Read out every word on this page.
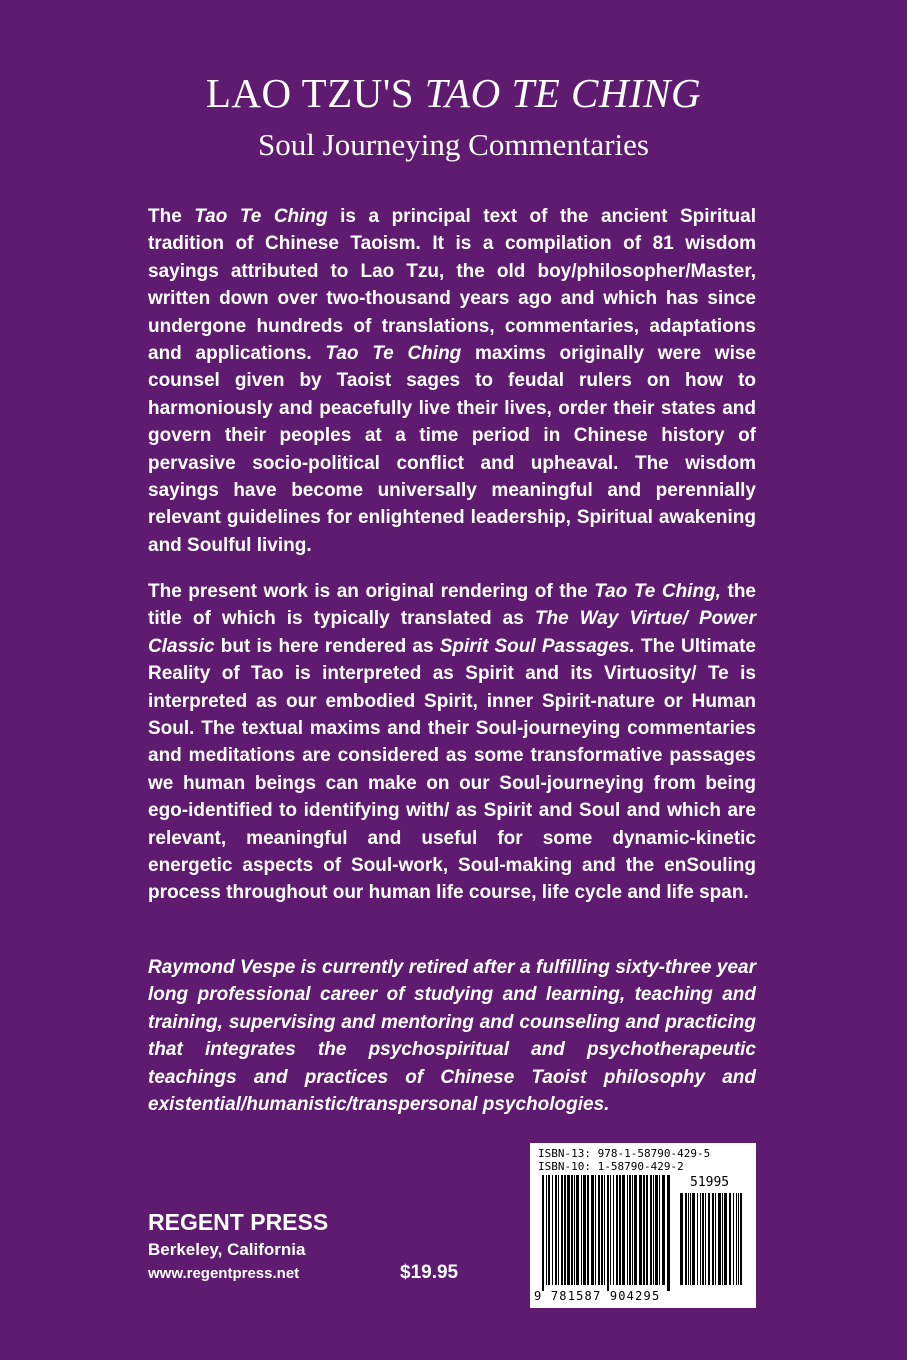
LAO TZU'S TAO TE CHING
Soul Journeying Commentaries

The Tao Te Ching is a principal text of the ancient Spiritual tradition of Chinese Taoism. It is a compilation of 81 wisdom sayings attributed to Lao Tzu, the old boy/philosopher/Master, written down over two-thousand years ago and which has since undergone hundreds of translations, commentaries, adaptations and applications. Tao Te Ching maxims originally were wise counsel given by Taoist sages to feudal rulers on how to harmoniously and peacefully live their lives, order their states and govern their peoples at a time period in Chinese history of pervasive socio-political conflict and upheaval. The wisdom sayings have become universally meaningful and perennially relevant guidelines for enlightened leadership, Spiritual awakening and Soulful living.

The present work is an original rendering of the Tao Te Ching, the title of which is typically translated as The Way Virtue/ Power Classic but is here rendered as Spirit Soul Passages. The Ultimate Reality of Tao is interpreted as Spirit and its Virtuosity/ Te is interpreted as our embodied Spirit, inner Spirit-nature or Human Soul. The textual maxims and their Soul-journeying commentaries and meditations are considered as some transformative passages we human beings can make on our Soul-journeying from being ego-identified to identifying with/ as Spirit and Soul and which are relevant, meaningful and useful for some dynamic-kinetic energetic aspects of Soul-work, Soul-making and the enSouling process throughout our human life course, life cycle and life span.

Raymond Vespe is currently retired after a fulfilling sixty-three year long professional career of studying and learning, teaching and training, supervising and mentoring and counseling and practicing that integrates the psychospiritual and psychotherapeutic teachings and practices of Chinese Taoist philosophy and existential/humanistic/transpersonal psychologies.

REGENT PRESS
Berkeley, California
www.regentpress.net	$19.95
ISBN-13: 978-1-58790-429-5
ISBN-10: 1-58790-429-2
51995
9 781587 904295
